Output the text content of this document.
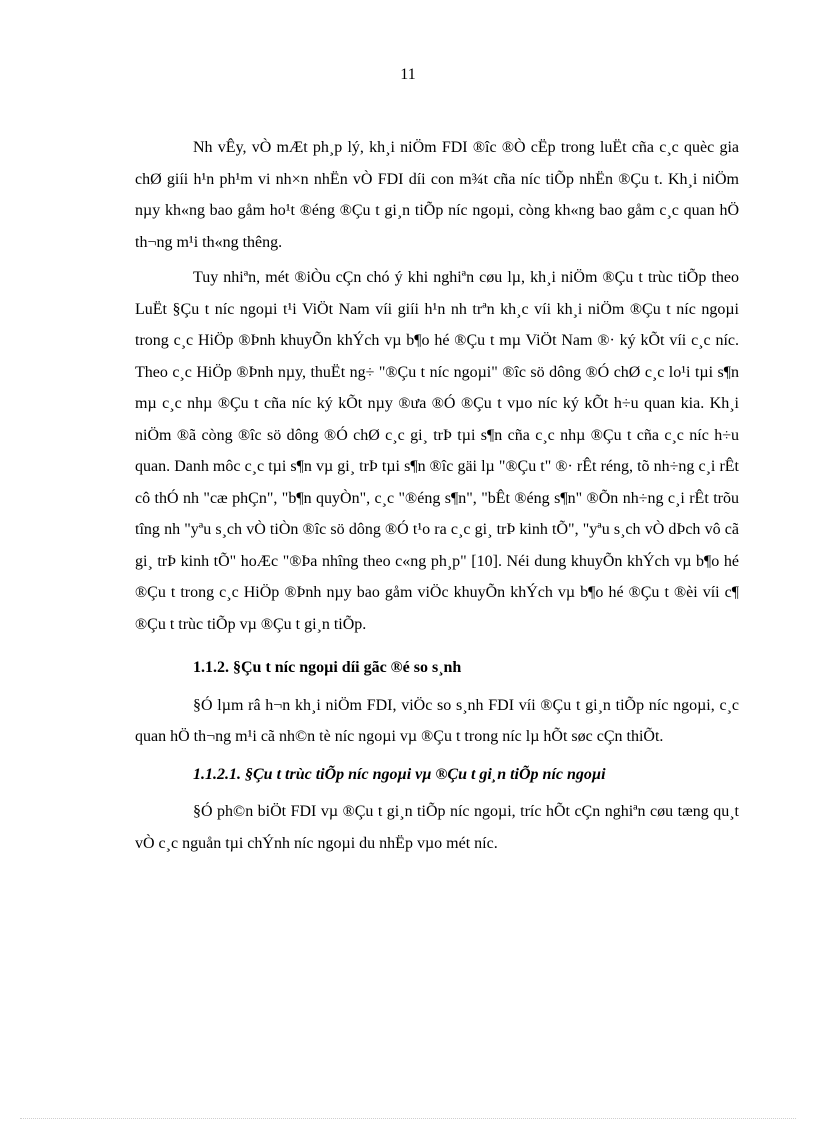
11

Nh vÊy, vÒ mÆt ph¸p lý, kh¸i niÖm FDI ®îc ®Ò cËp trong luËt cña c¸c quèc gia chØ giíi h¹n ph¹m vi nh×n nhËn vÒ FDI díi con m¾t cña níc tiÕp nhËn ®Çu t. Kh¸i niÖm nµy kh«ng bao gåm ho¹t ®éng ®Çu t gi¸n tiÕp níc ngoµi, còng kh«ng bao gåm c¸c quan hÖ th¬ng m¹i th«ng thêng.

Tuy nhiªn, mét ®iÒu cÇn chó ý khi nghiªn cøu lµ, kh¸i niÖm ®Çu t trùc tiÕp theo LuËt §Çu t níc ngoµi t¹i ViÖt Nam víi giíi h¹n nh trªn kh¸c víi kh¸i niÖm ®Çu t níc ngoµi trong c¸c HiÖp ®Þnh khuyÕn khÝch vµ b¶o hé ®Çu t mµ ViÖt Nam ®· ký kÕt víi c¸c níc. Theo c¸c HiÖp ®Þnh nµy, thuËt ng÷ "®Çu t níc ngoµi" ®îc sö dông ®Ó chØ c¸c lo¹i tµi s¶n mµ c¸c nhµ ®Çu t cña níc ký kÕt nµy ®ưa ®Ó ®Çu t vµo níc ký kÕt h÷u quan kia. Kh¸i niÖm ®ã còng ®îc sö dông ®Ó chØ c¸c gi¸ trÞ tµi s¶n cña c¸c nhµ ®Çu t cña c¸c níc h÷u quan. Danh môc c¸c tµi s¶n vµ gi¸ trÞ tµi s¶n ®îc gäi lµ "®Çu t" ®· rÊt réng, tõ nh÷ng c¸i rÊt cô thÓ nh "cæ phÇn", "b¶n quyÒn", c¸c "®éng s¶n", "bÊt ®éng s¶n" ®Õn nh÷ng c¸i rÊt trõu tîng nh "yªu s¸ch vÒ tiÒn ®îc sö dông ®Ó t¹o ra c¸c gi¸ trÞ kinh tÕ", "yªu s¸ch vÒ dÞch vô cã gi¸ trÞ kinh tÕ" hoÆc "®Þa nhîng theo c«ng ph¸p" [10]. Néi dung khuyÕn khÝch vµ b¶o hé ®Çu t trong c¸c HiÖp ®Þnh nµy bao gåm viÖc khuyÕn khÝch vµ b¶o hé ®Çu t ®èi víi c¶ ®Çu t trùc tiÕp vµ ®Çu t gi¸n tiÕp.

1.1.2. §Çu t níc ngoµi díi gãc ®é so s¸nh

§Ó lµm râ h¬n kh¸i niÖm FDI, viÖc so s¸nh FDI víi ®Çu t gi¸n tiÕp níc ngoµi, c¸c quan hÖ th¬ng m¹i cã nh©n tè níc ngoµi vµ ®Çu t trong níc lµ hÕt søc cÇn thiÕt.

1.1.2.1. §Çu t trùc tiÕp níc ngoµi vµ ®Çu t gi¸n tiÕp níc ngoµi

§Ó ph©n biÖt FDI vµ ®Çu t gi¸n tiÕp níc ngoµi, tríc hÕt cÇn nghiªn cøu tæng qu¸t vÒ c¸c nguån tµi chÝnh níc ngoµi du nhËp vµo mét níc.
